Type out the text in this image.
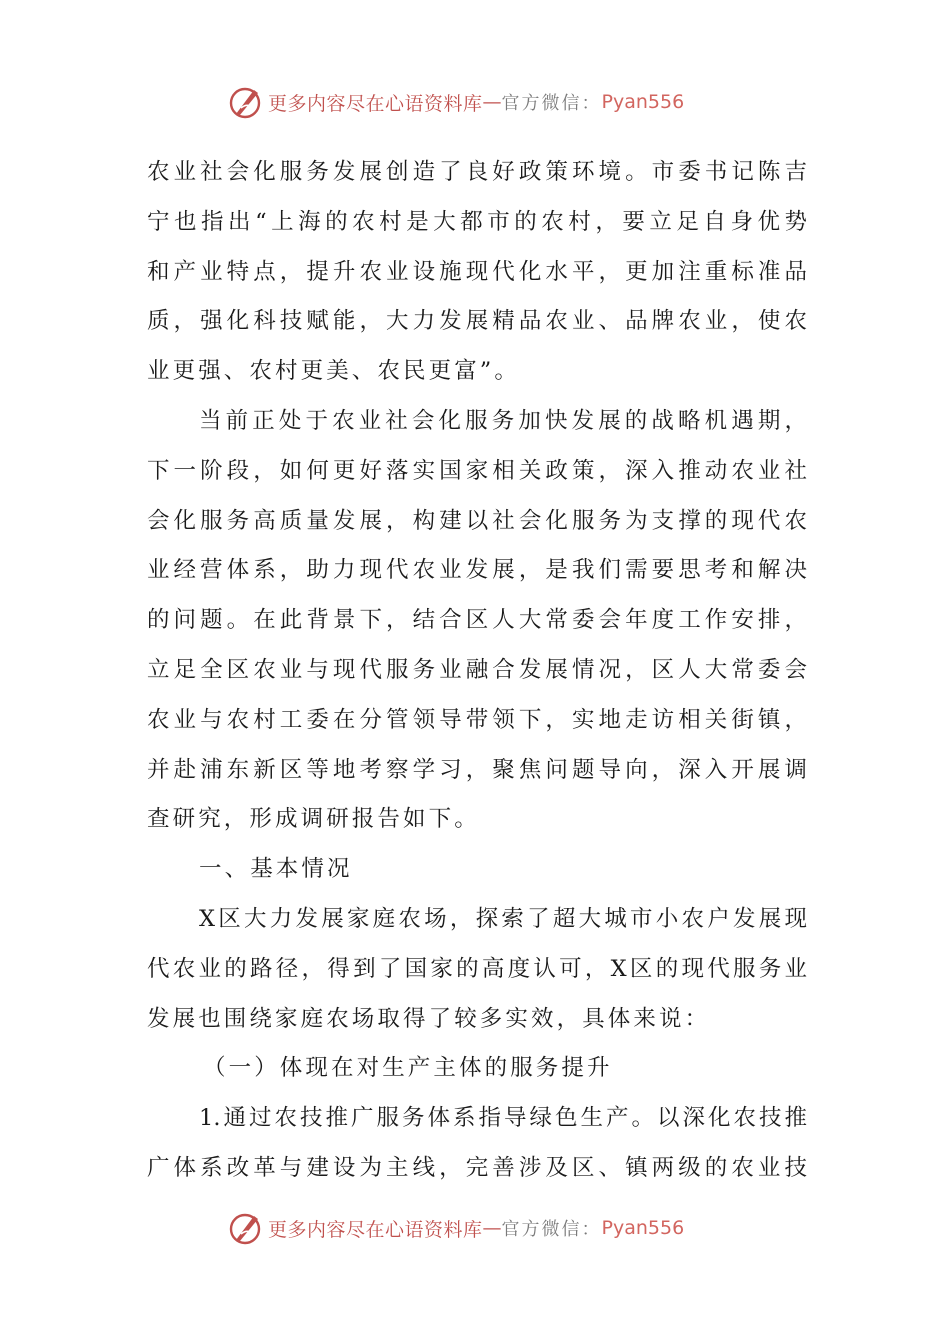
更多内容尽在心语资料库 — 官方微信： Pyan556
农业社会化服务发展创造了良好政策环境。市委书记陈吉
宁也指出“上海的农村是大都市的农村，要立足自身优势
和产业特点，提升农业设施现代化水平，更加注重标准品
质，强化科技赋能，大力发展精品农业、品牌农业，使农
业更强、农村更美、农民更富”。
当前正处于农业社会化服务加快发展的战略机遇期，
下一阶段，如何更好落实国家相关政策，深入推动农业社
会化服务高质量发展，构建以社会化服务为支撑的现代农
业经营体系，助力现代农业发展，是我们需要思考和解决
的问题。在此背景下，结合区人大常委会年度工作安排，
立足全区农业与现代服务业融合发展情况，区人大常委会
农业与农村工委在分管领导带领下，实地走访相关街镇，
并赴浦东新区等地考察学习，聚焦问题导向，深入开展调
查研究，形成调研报告如下。
一、基本情况
X区大力发展家庭农场，探索了超大城市小农户发展现
代农业的路径，得到了国家的高度认可，X区的现代服务业
发展也围绕家庭农场取得了较多实效，具体来说：
（一）体现在对生产主体的服务提升
1.通过农技推广服务体系指导绿色生产。以深化农技推
广体系改革与建设为主线，完善涉及区、镇两级的农业技
更多内容尽在心语资料库 — 官方微信： Pyan556
